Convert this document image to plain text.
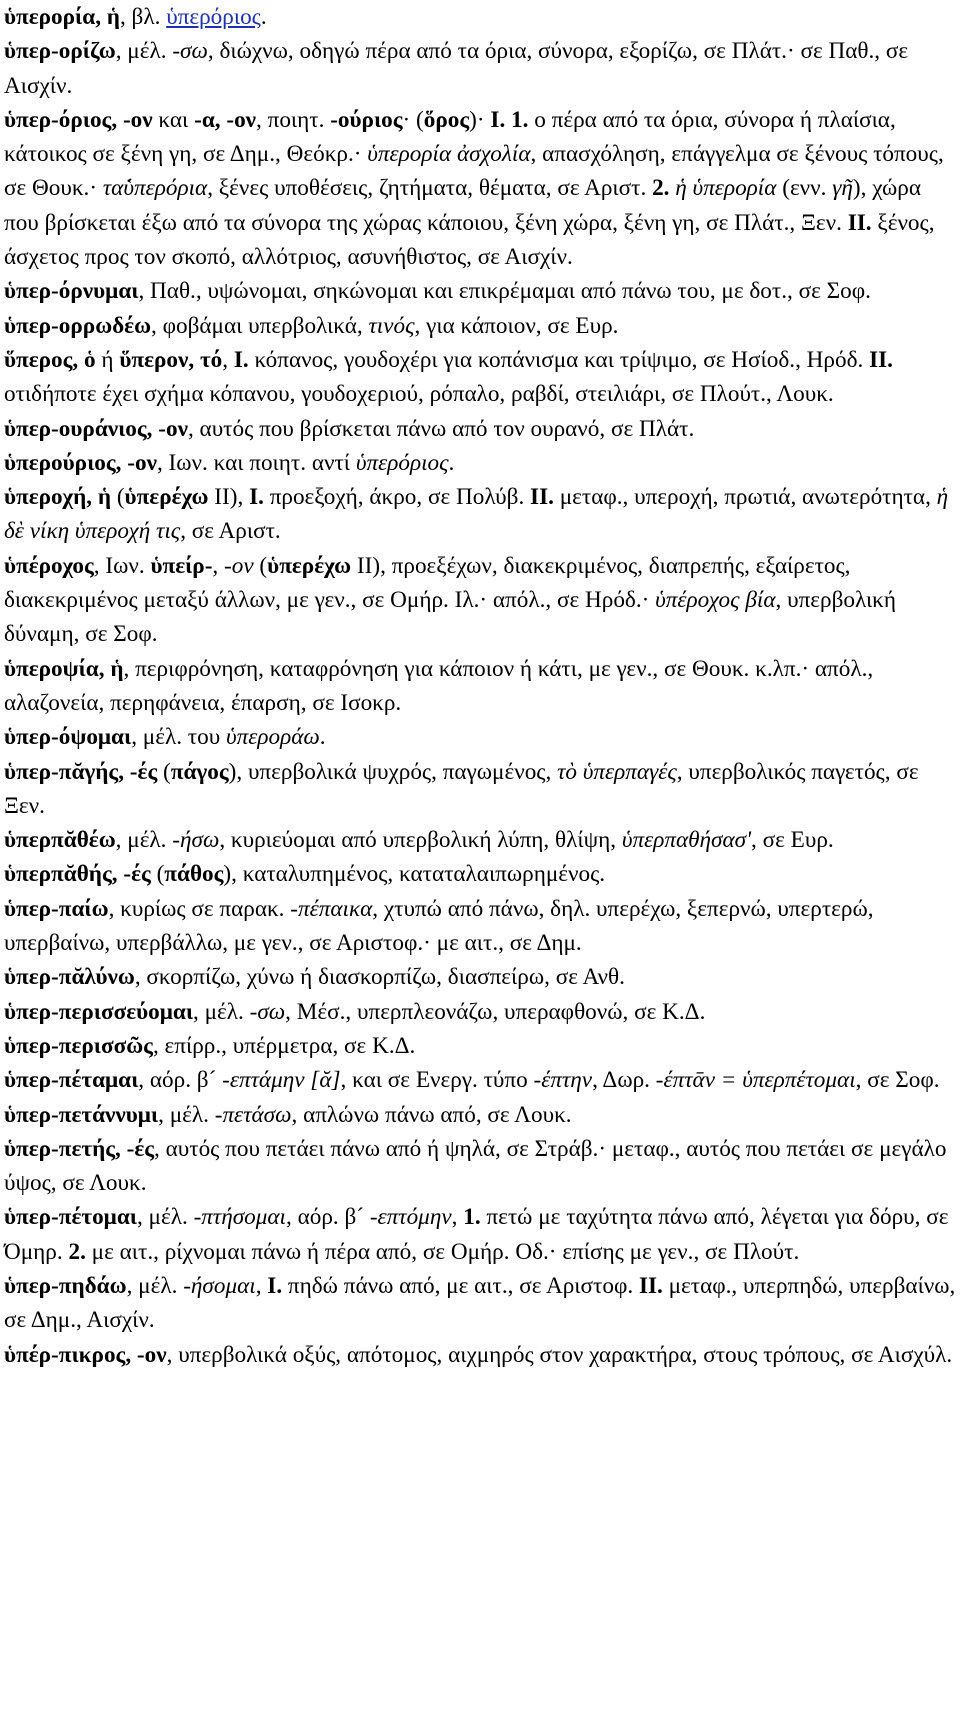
ὑπερορία, ἡ, βλ. ὑπερόριος.

ὑπερ-ορίζω, μέλ. -σω, διώχνω, οδηγώ πέρα από τα όρια, σύνορα, εξορίζω, σε Πλάτ.· σε Παθ., σε Αισχίν.

ὑπερ-όριος, -ον και -α, -ον, ποιητ. -ούριος· (ὅρος)· I. 1. ο πέρα από τα όρια, σύνορα ή πλαίσια, κάτοικος σε ξένη γη, σε Δημ., Θεόκρ.· ὑπερορία ἀσχολία, απασχόληση, επάγγελμα σε ξένους τόπους, σε Θουκ.· τα̇ὑπερόρια, ξένες υποθέσεις, ζητήματα, θέματα, σε Αριστ. 2. ἡ ὑπερορία (ενν. γῆ), χώρα που βρίσκεται έξω από τα σύνορα της χώρας κάποιου, ξένη χώρα, ξένη γη, σε Πλάτ., Ξεν. II. ξένος, άσχετος προς τον σκοπό, αλλότριος, ασυνήθιστος, σε Αισχίν.

ὑπερ-όρνυμαι, Παθ., υψώνομαι, σηκώνομαι και επικρέμαμαι από πάνω του, με δοτ., σε Σοφ.

ὑπερ-ορρωδέω, φοβάμαι υπερβολικά, τινός, για κάποιον, σε Ευρ.

ὕπερος, ὁ ή ὕπερον, τό, I. κόπανος, γουδοχέρι για κοπάνισμα και τρίψιμο, σε Ησίοδ., Ηρόδ. II. οτιδήποτε έχει σχήμα κόπανου, γουδοχεριού, ρόπαλο, ραβδί, στειλιάρι, σε Πλούτ., Λουκ.

ὑπερ-ουράνιος, -ον, αυτός που βρίσκεται πάνω από τον ουρανό, σε Πλάτ.

ὑπερούριος, -ον, Ιων. και ποιητ. αντί ὑπερόριος.

ὑπεροχή, ἡ (ὑπερέχω II), I. προεξοχή, άκρο, σε Πολύβ. II. μεταφ., υπεροχή, πρωτιά, ανωτερότητα, ἡ δὲ νίκη ὑπεροχή τις, σε Αριστ.

ὑπέροχος, Ιων. ὑπείρ-, -ον (ὑπερέχω II), προεξέχων, διακεκριμένος, διαπρεπής, εξαίρετος, διακεκριμένος μεταξύ άλλων, με γεν., σε Ομήρ. Ιλ.· απόλ., σε Ηρόδ.· ὑπέροχος βία, υπερβολική δύναμη, σε Σοφ.

ὑπεροψία, ἡ, περιφρόνηση, καταφρόνηση για κάποιον ή κάτι, με γεν., σε Θουκ. κ.λπ.· απόλ., αλαζονεία, περηφάνεια, έπαρση, σε Ισοκρ.

ὑπερ-όψομαι, μέλ. του ὑπεροράω.

ὑπερ-πᾰγής, -ές (πάγος), υπερβολικά ψυχρός, παγωμένος, τὸ ὑπερπαγές, υπερβολικός παγετός, σε Ξεν.

ὑπερπᾰθέω, μέλ. -ήσω, κυριεύομαι από υπερβολική λύπη, θλίψη, ὑπερπαθήσασ', σε Ευρ.

ὑπερπᾰθής, -ές (πάθος), καταλυπημένος, καταταλαιπωρημένος.

ὑπερ-παίω, κυρίως σε παρακ. -πέπαικα, χτυπώ από πάνω, δηλ. υπερέχω, ξεπερνώ, υπερτερώ, υπερβαίνω, υπερβάλλω, με γεν., σε Αριστοφ.· με αιτ., σε Δημ.

ὑπερ-πᾰλύνω, σκορπίζω, χύνω ή διασκορπίζω, διασπείρω, σε Ανθ.

ὑπερ-περισσεύομαι, μέλ. -σω, Μέσ., υπερπλεονάζω, υπεραφθονώ, σε Κ.Δ.

ὑπερ-περισσῶς, επίρρ., υπέρμετρα, σε Κ.Δ.

ὑπερ-πέταμαι, αόρ. β´ -επτάμην [ᾰ], και σε Ενεργ. τύπο -έπτην, Δωρ. -έπτᾱν = ὑπερπέτομαι, σε Σοφ.

ὑπερ-πετάννυμι, μέλ. -πετάσω, απλώνω πάνω από, σε Λουκ.

ὑπερ-πετής, -ές, αυτός που πετάει πάνω από ή ψηλά, σε Στράβ.· μεταφ., αυτός που πετάει σε μεγάλο ύψος, σε Λουκ.

ὑπερ-πέτομαι, μέλ. -πτήσομαι, αόρ. β´ -επτόμην, 1. πετώ με ταχύτητα πάνω από, λέγεται για δόρυ, σε Όμηρ. 2. με αιτ., ρίχνομαι πάνω ή πέρα από, σε Ομήρ. Οδ.· επίσης με γεν., σε Πλούτ.

ὑπερ-πηδάω, μέλ. -ήσομαι, I. πηδώ πάνω από, με αιτ., σε Αριστοφ. II. μεταφ., υπερπηδώ, υπερβαίνω, σε Δημ., Αισχίν.

ὑπέρ-πικρος, -ον, υπερβολικά οξύς, απότομος, αιχμηρός στον χαρακτήρα, στους τρόπους, σε Αισχύλ.
